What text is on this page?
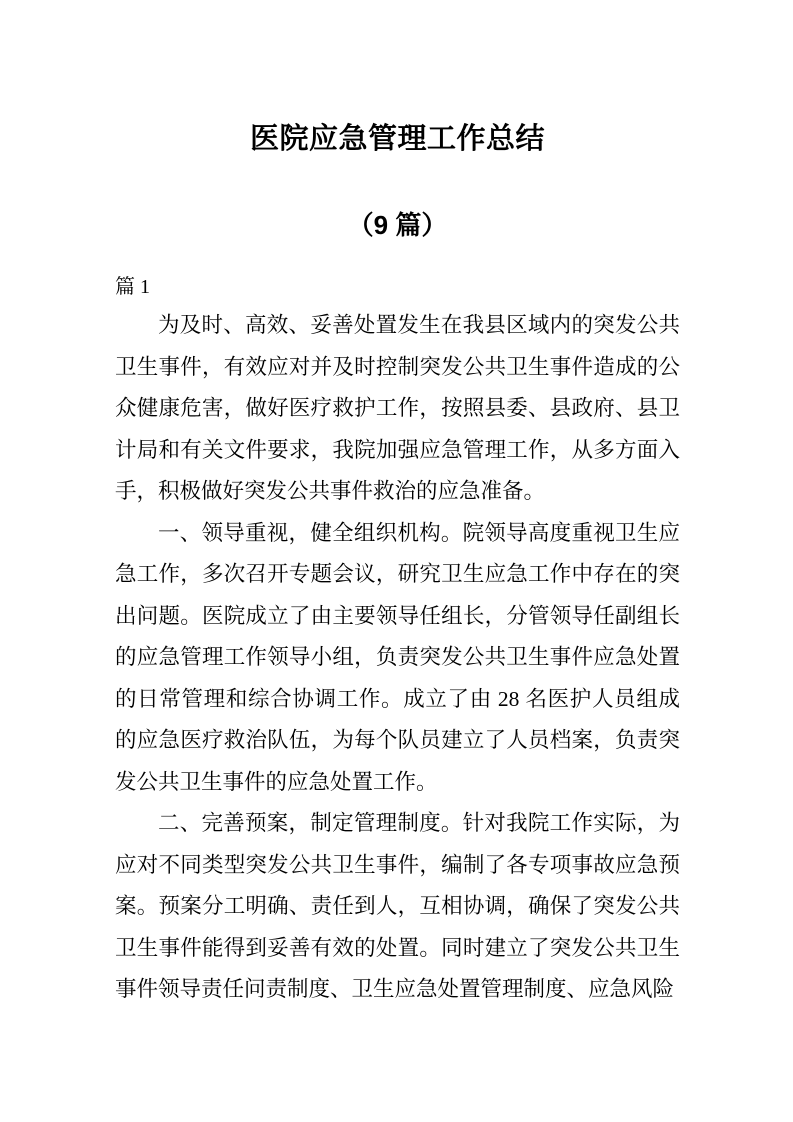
医院应急管理工作总结
（9 篇）
篇 1

为及时、高效、妥善处置发生在我县区域内的突发公共卫生事件，有效应对并及时控制突发公共卫生事件造成的公众健康危害，做好医疗救护工作，按照县委、县政府、县卫计局和有关文件要求，我院加强应急管理工作，从多方面入手，积极做好突发公共事件救治的应急准备。

一、领导重视，健全组织机构。院领导高度重视卫生应急工作，多次召开专题会议，研究卫生应急工作中存在的突出问题。医院成立了由主要领导任组长，分管领导任副组长的应急管理工作领导小组，负责突发公共卫生事件应急处置的日常管理和综合协调工作。成立了由 28 名医护人员组成的应急医疗救治队伍，为每个队员建立了人员档案，负责突发公共卫生事件的应急处置工作。

二、完善预案，制定管理制度。针对我院工作实际，为应对不同类型突发公共卫生事件，编制了各专项事故应急预案。预案分工明确、责任到人，互相协调，确保了突发公共卫生事件能得到妥善有效的处置。同时建立了突发公共卫生事件领导责任问责制度、卫生应急处置管理制度、应急风险
